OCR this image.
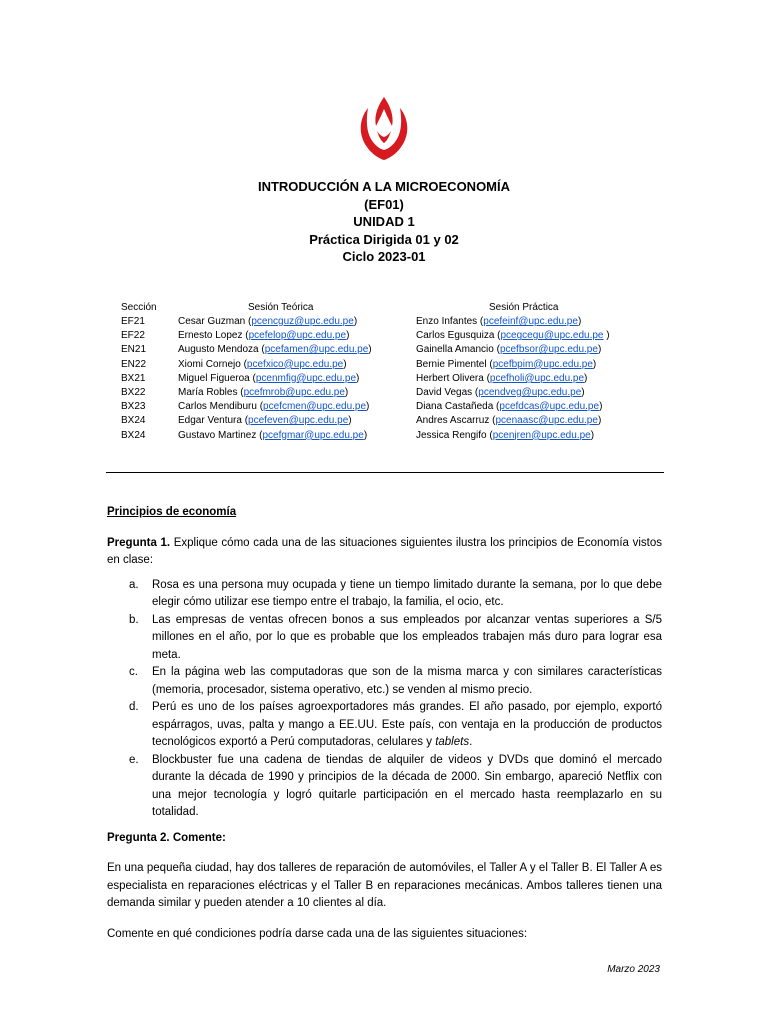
INTRODUCCIÓN A LA MICROECONOMÍA
(EF01)
UNIDAD 1
Práctica Dirigida 01 y 02
Ciclo 2023-01
Sección	Sesión Teórica	Sesión Práctica
EF21	Cesar Guzman (pcencguz@upc.edu.pe)	Enzo Infantes (pcefeinf@upc.edu.pe)
EF22	Ernesto Lopez (pcefelop@upc.edu.pe)	Carlos Egusquiza (pcegcegu@upc.edu.pe )
EN21	Augusto Mendoza (pcefamen@upc.edu.pe)	Gainella Amancio (pcefbsor@upc.edu.pe)
EN22	Xiomi Cornejo (pcefxico@upc.edu.pe)	Bernie Pimentel (pcefbpim@upc.edu.pe)
BX21	Miguel Figueroa (pcenmfig@upc.edu.pe)	Herbert Olivera (pcefholi@upc.edu.pe)
BX22	María Robles (pcefmrob@upc.edu.pe)	David Vegas (pcendveg@upc.edu.pe)
BX23	Carlos Mendiburu (pcefcmen@upc.edu.pe)	Diana Castañeda (pcefdcas@upc.edu.pe)
BX24	Edgar Ventura (pcefeven@upc.edu.pe)	Andres Ascarruz (pcenaasc@upc.edu.pe)
BX24	Gustavo Martinez (pcefgmar@upc.edu.pe)	Jessica Rengifo (pcenjren@upc.edu.pe)

Principios de economía

Pregunta 1. Explique cómo cada una de las situaciones siguientes ilustra los principios de Economía vistos en clase:

a. Rosa es una persona muy ocupada y tiene un tiempo limitado durante la semana, por lo que debe elegir cómo utilizar ese tiempo entre el trabajo, la familia, el ocio, etc.
b. Las empresas de ventas ofrecen bonos a sus empleados por alcanzar ventas superiores a S/5 millones en el año, por lo que es probable que los empleados trabajen más duro para lograr esa meta.
c. En la página web las computadoras que son de la misma marca y con similares características (memoria, procesador, sistema operativo, etc.) se venden al mismo precio.
d. Perú es uno de los países agroexportadores más grandes. El año pasado, por ejemplo, exportó espárragos, uvas, palta y mango a EE.UU. Este país, con ventaja en la producción de productos tecnológicos exportó a Perú computadoras, celulares y tablets.
e. Blockbuster fue una cadena de tiendas de alquiler de videos y DVDs que dominó el mercado durante la década de 1990 y principios de la década de 2000. Sin embargo, apareció Netflix con una mejor tecnología y logró quitarle participación en el mercado hasta reemplazarlo en su totalidad.

Pregunta 2. Comente:

En una pequeña ciudad, hay dos talleres de reparación de automóviles, el Taller A y el Taller B. El Taller A es especialista en reparaciones eléctricas y el Taller B en reparaciones mecánicas. Ambos talleres tienen una demanda similar y pueden atender a 10 clientes al día.

Comente en qué condiciones podría darse cada una de las siguientes situaciones:

Marzo 2023
